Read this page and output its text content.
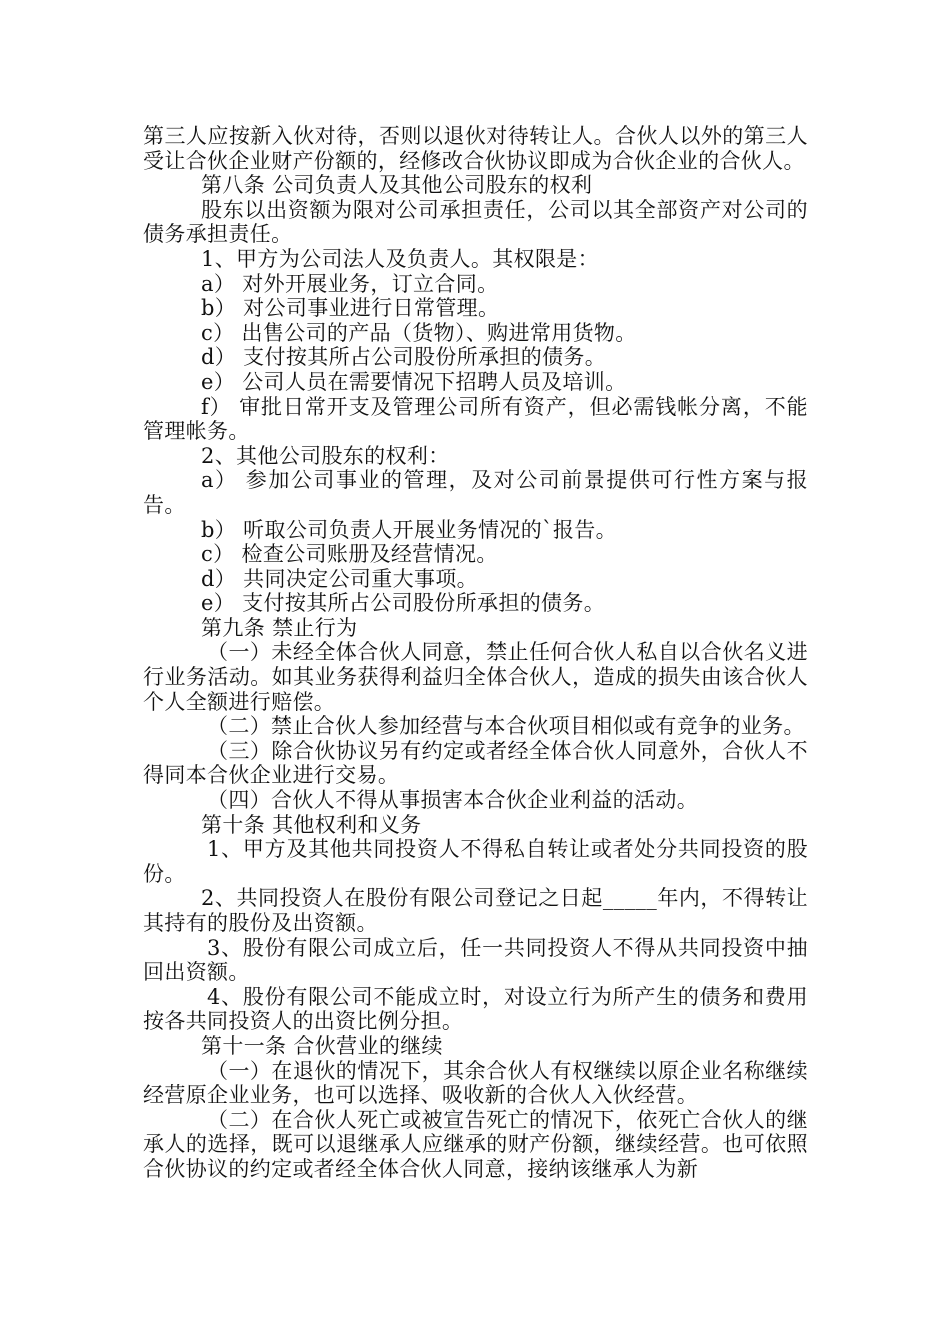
第三人应按新入伙对待，否则以退伙对待转让人。合伙人以外的第三人受让合伙企业财产份额的，经修改合伙协议即成为合伙企业的合伙人。

第八条 公司负责人及其他公司股东的权利

股东以出资额为限对公司承担责任，公司以其全部资产对公司的债务承担责任。

1、甲方为公司法人及负责人。其权限是：

a） 对外开展业务，订立合同。

b） 对公司事业进行日常管理。

c） 出售公司的产品（货物）、购进常用货物。

d） 支付按其所占公司股份所承担的债务。

e） 公司人员在需要情况下招聘人员及培训。

f） 审批日常开支及管理公司所有资产，但必需钱帐分离，不能管理帐务。

2、其他公司股东的权利：

a） 参加公司事业的管理，及对公司前景提供可行性方案与报告。

b） 听取公司负责人开展业务情况的`报告。

c） 检查公司账册及经营情况。

d） 共同决定公司重大事项。

e） 支付按其所占公司股份所承担的债务。

第九条 禁止行为

（一）未经全体合伙人同意，禁止任何合伙人私自以合伙名义进行业务活动。如其业务获得利益归全体合伙人，造成的损失由该合伙人个人全额进行赔偿。

（二）禁止合伙人参加经营与本合伙项目相似或有竞争的业务。

（三）除合伙协议另有约定或者经全体合伙人同意外，合伙人不得同本合伙企业进行交易。

（四）合伙人不得从事损害本合伙企业利益的活动。

第十条 其他权利和义务

1、甲方及其他共同投资人不得私自转让或者处分共同投资的股份。

2、共同投资人在股份有限公司登记之日起_____年内，不得转让其持有的股份及出资额。

3、股份有限公司成立后，任一共同投资人不得从共同投资中抽回出资额。

4、股份有限公司不能成立时，对设立行为所产生的债务和费用按各共同投资人的出资比例分担。

第十一条 合伙营业的继续

（一）在退伙的情况下，其余合伙人有权继续以原企业名称继续经营原企业业务，也可以选择、吸收新的合伙人入伙经营。

（二）在合伙人死亡或被宣告死亡的情况下，依死亡合伙人的继承人的选择，既可以退继承人应继承的财产份额，继续经营。也可依照合伙协议的约定或者经全体合伙人同意，接纳该继承人为新
